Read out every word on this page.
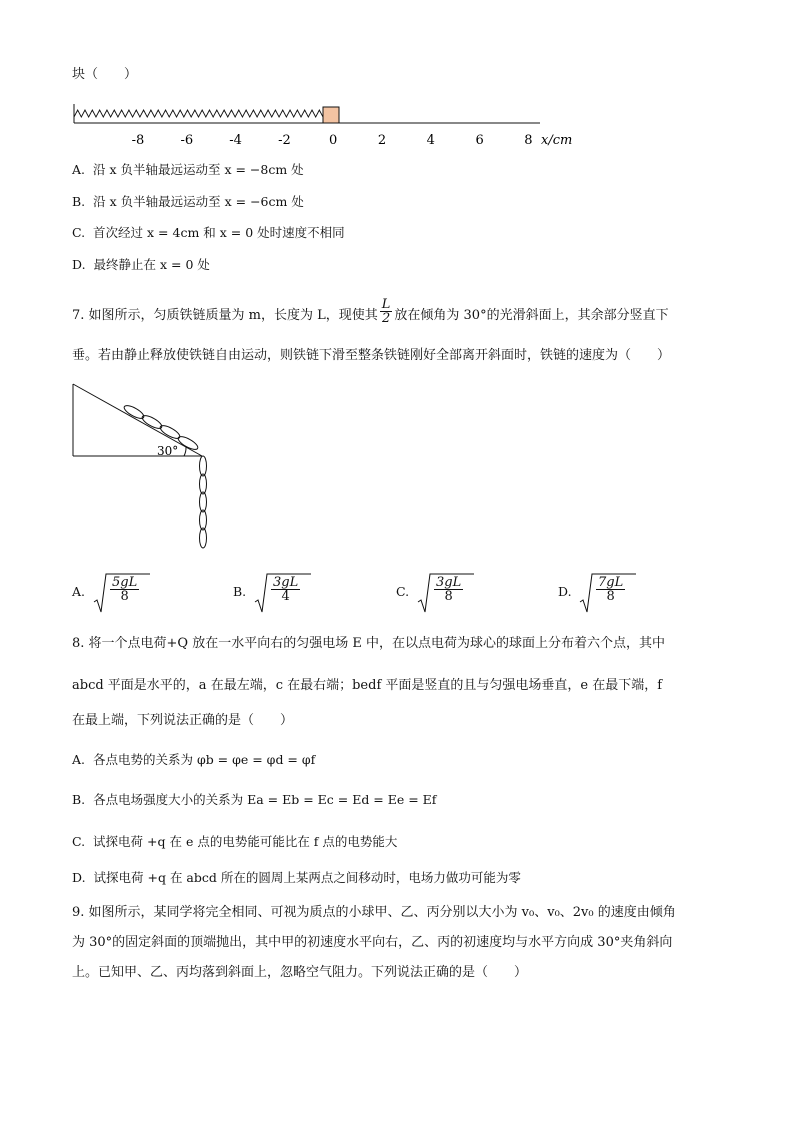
块（　　）
-8	-6	-4	-2	0	2	4	6	8 x/cm
A. 沿 x 负半轴最远运动至 x = −8cm 处
B. 沿 x 负半轴最远运动至 x = −6cm 处
C. 首次经过 x = 4cm 和 x = 0 处时速度不相同
D. 最终静止在 x = 0 处
7. 如图所示，匀质铁链质量为 m，长度为 L，现使其 $\frac{L}{2}$ 放在倾角为 30°的光滑斜面上，其余部分竖直下
垂。若由静止释放使铁链自由运动，则铁链下滑至整条铁链刚好全部离开斜面时，铁链的速度为（　　）
30°
A. $\frac{5gL}{8}$	B. $\frac{3gL}{4}$	C. $\frac{3gL}{8}$	D. $\frac{7gL}{8}$
8. 将一个点电荷+Q 放在一水平向右的匀强电场 E 中，在以点电荷为球心的球面上分布着六个点，其中
abcd 平面是水平的，a 在最左端，c 在最右端；bedf 平面是竖直的且与匀强电场垂直，e 在最下端，f
在最上端，下列说法正确的是（　　）
A. 各点电势的关系为 φb = φe = φd = φf
B. 各点电场强度大小的关系为 Ea = Eb = Ec = Ed = Ee = Ef
C. 试探电荷 +q 在 e 点的电势能可能比在 f 点的电势能大
D. 试探电荷 +q 在 abcd 所在的圆周上某两点之间移动时，电场力做功可能为零
9. 如图所示，某同学将完全相同、可视为质点的小球甲、乙、丙分别以大小为 v₀、v₀、2v₀ 的速度由倾角
为 30°的固定斜面的顶端抛出，其中甲的初速度水平向右，乙、丙的初速度均与水平方向成 30°夹角斜向
上。已知甲、乙、丙均落到斜面上，忽略空气阻力。下列说法正确的是（　　）
